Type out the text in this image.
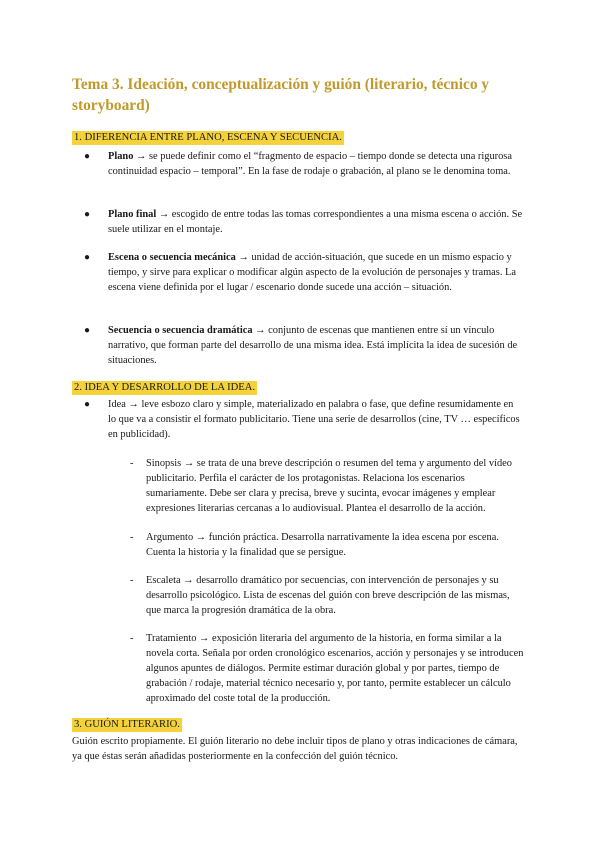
Tema 3. Ideación, conceptualización y guión (literario, técnico y storyboard)
1. DIFERENCIA ENTRE PLANO, ESCENA Y SECUENCIA.
● Plano → se puede definir como el “fragmento de espacio – tiempo donde se detecta una rigurosa continuidad espacio – temporal”. En la fase de rodaje o grabación, al plano se le denomina toma.
● Plano final → escogido de entre todas las tomas correspondientes a una misma escena o acción. Se suele utilizar en el montaje.
● Escena o secuencia mecánica → unidad de acción-situación, que sucede en un mismo espacio y tiempo, y sirve para explicar o modificar algún aspecto de la evolución de personajes y tramas. La escena viene definida por el lugar / escenario donde sucede una acción – situación.
● Secuencia o secuencia dramática → conjunto de escenas que mantienen entre sí un vínculo narrativo, que forman parte del desarrollo de una misma idea. Está implícita la idea de sucesión de situaciones.
2. IDEA Y DESARROLLO DE LA IDEA.
● Idea → leve esbozo claro y simple, materializado en palabra o fase, que define resumidamente en lo que va a consistir el formato publicitario. Tiene una serie de desarrollos (cine, TV … específicos en publicidad).
- Sinopsis → se trata de una breve descripción o resumen del tema y argumento del vídeo publicitario. Perfila el carácter de los protagonistas. Relaciona los escenarios sumariamente. Debe ser clara y precisa, breve y sucinta, evocar imágenes y emplear expresiones literarias cercanas a lo audiovisual. Plantea el desarrollo de la acción.
- Argumento → función práctica. Desarrolla narrativamente la idea escena por escena. Cuenta la historia y la finalidad que se persigue.
- Escaleta → desarrollo dramático por secuencias, con intervención de personajes y su desarrollo psicológico. Lista de escenas del guión con breve descripción de las mismas, que marca la progresión dramática de la obra.
- Tratamiento → exposición literaria del argumento de la historia, en forma similar a la novela corta. Señala por orden cronológico escenarios, acción y personajes y se introducen algunos apuntes de diálogos. Permite estimar duración global y por partes, tiempo de grabación / rodaje, material técnico necesario y, por tanto, permite establecer un cálculo aproximado del coste total de la producción.
3. GUIÓN LITERARIO.
Guión escrito propiamente. El guión literario no debe incluir tipos de plano y otras indicaciones de cámara, ya que éstas serán añadidas posteriormente en la confección del guión técnico.
